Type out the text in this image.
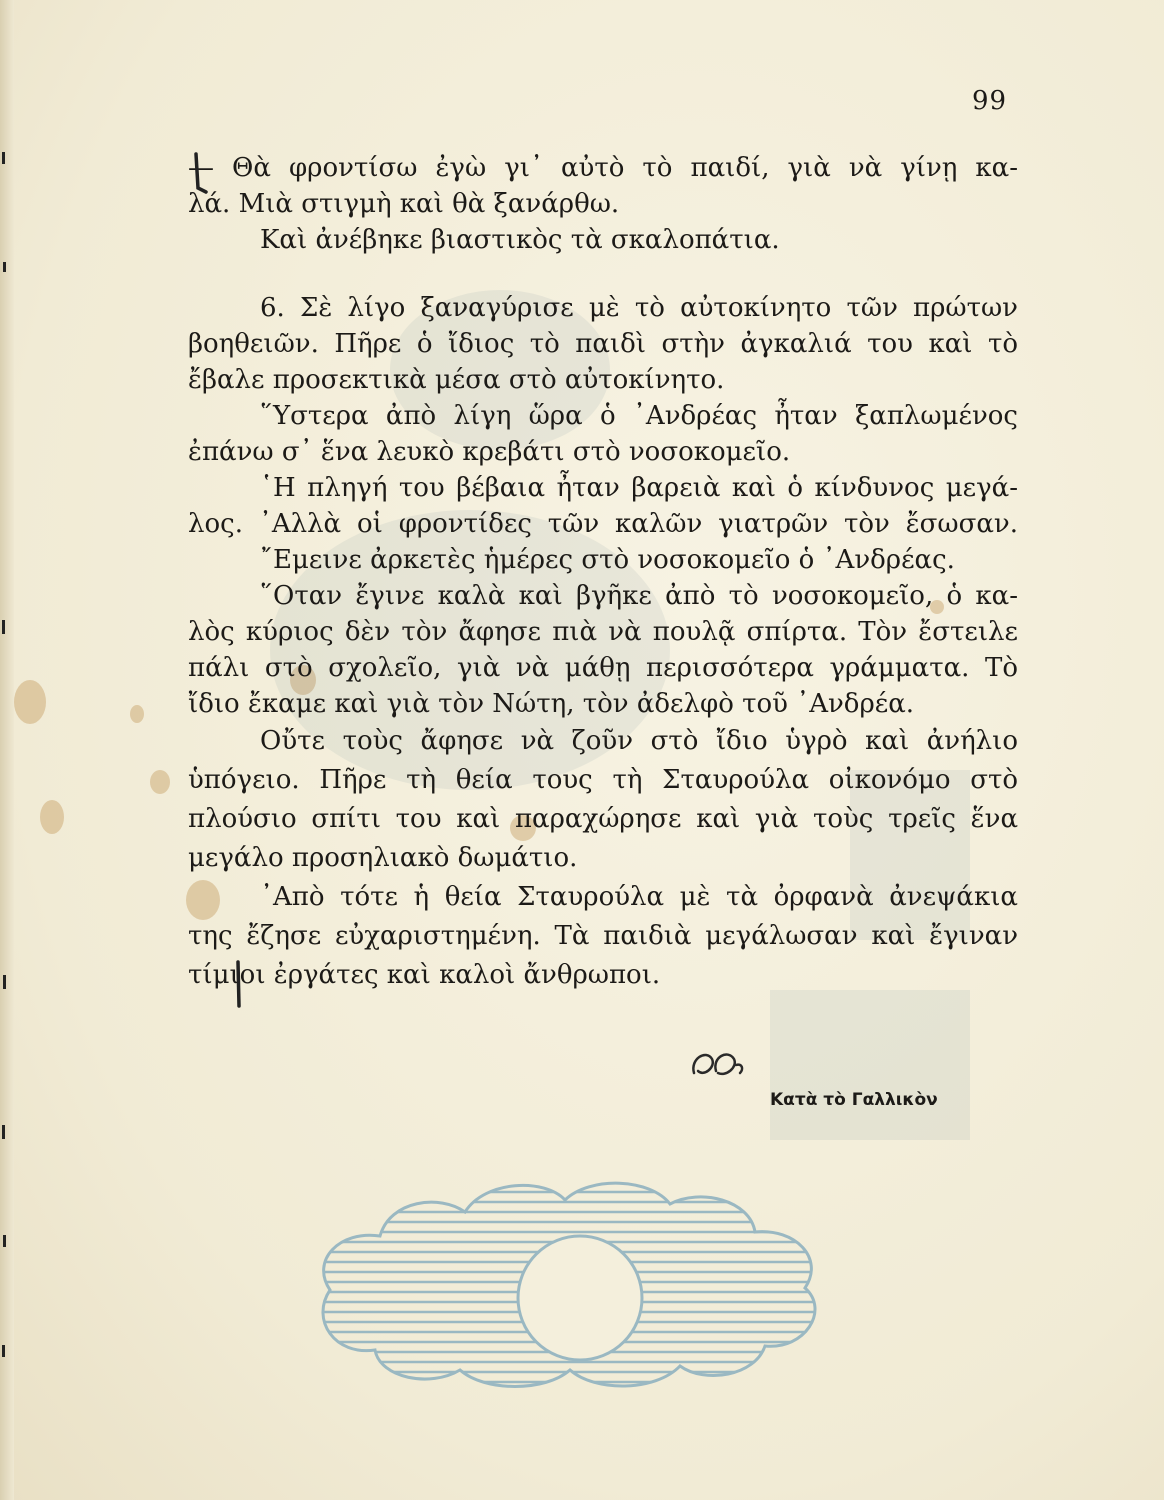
99
— Θὰ φροντίσω ἐγὼ γι᾿ αὐτὸ τὸ παιδί, γιὰ νὰ γίνῃ κα-
λά. Μιὰ στιγμὴ καὶ θὰ ξανάρθω.
Καὶ ἀνέβηκε βιαστικὸς τὰ σκαλοπάτια.
6. Σὲ λίγο ξαναγύρισε μὲ τὸ αὐτοκίνητο τῶν πρώτων
βοηθειῶν. Πῆρε ὁ ἴδιος τὸ παιδὶ στὴν ἀγκαλιά του καὶ τὸ
ἔβαλε προσεκτικὰ μέσα στὸ αὐτοκίνητο.
῞Υστερα ἀπὸ λίγη ὥρα ὁ ᾿Ανδρέας ἦταν ξαπλωμένος
ἐπάνω σ᾿ ἕνα λευκὸ κρεβάτι στὸ νοσοκομεῖο.
῾Η πληγή του βέβαια ἦταν βαρειὰ καὶ ὁ κίνδυνος μεγά-
λος. ᾿Αλλὰ οἱ φροντίδες τῶν καλῶν γιατρῶν τὸν ἔσωσαν.
῎Εμεινε ἀρκετὲς ἡμέρες στὸ νοσοκομεῖο ὁ ᾿Ανδρέας.
῞Οταν ἔγινε καλὰ καὶ βγῆκε ἀπὸ τὸ νοσοκομεῖο, ὁ κα-
λὸς κύριος δὲν τὸν ἄφησε πιὰ νὰ πουλᾷ σπίρτα. Τὸν ἔστειλε
πάλι στὸ σχολεῖο, γιὰ νὰ μάθῃ περισσότερα γράμματα. Τὸ
ἴδιο ἔκαμε καὶ γιὰ τὸν Νώτη, τὸν ἀδελφὸ τοῦ ᾿Ανδρέα.
Οὔτε τοὺς ἄφησε νὰ ζοῦν στὸ ἴδιο ὑγρὸ καὶ ἀνήλιο
ὑπόγειο. Πῆρε τὴ θεία τους τὴ Σταυρούλα οἰκονόμο στὸ
πλούσιο σπίτι του καὶ παραχώρησε καὶ γιὰ τοὺς τρεῖς ἕνα
μεγάλο προσηλιακὸ δωμάτιο.
᾿Απὸ τότε ἡ θεία Σταυρούλα μὲ τὰ ὀρφανὰ ἀνεψάκια
της ἔζησε εὐχαριστημένη. Τὰ παιδιὰ μεγάλωσαν καὶ ἔγιναν
τίμιοι ἐργάτες καὶ καλοὶ ἄνθρωποι.
Κατὰ τὸ Γαλλικὸν
